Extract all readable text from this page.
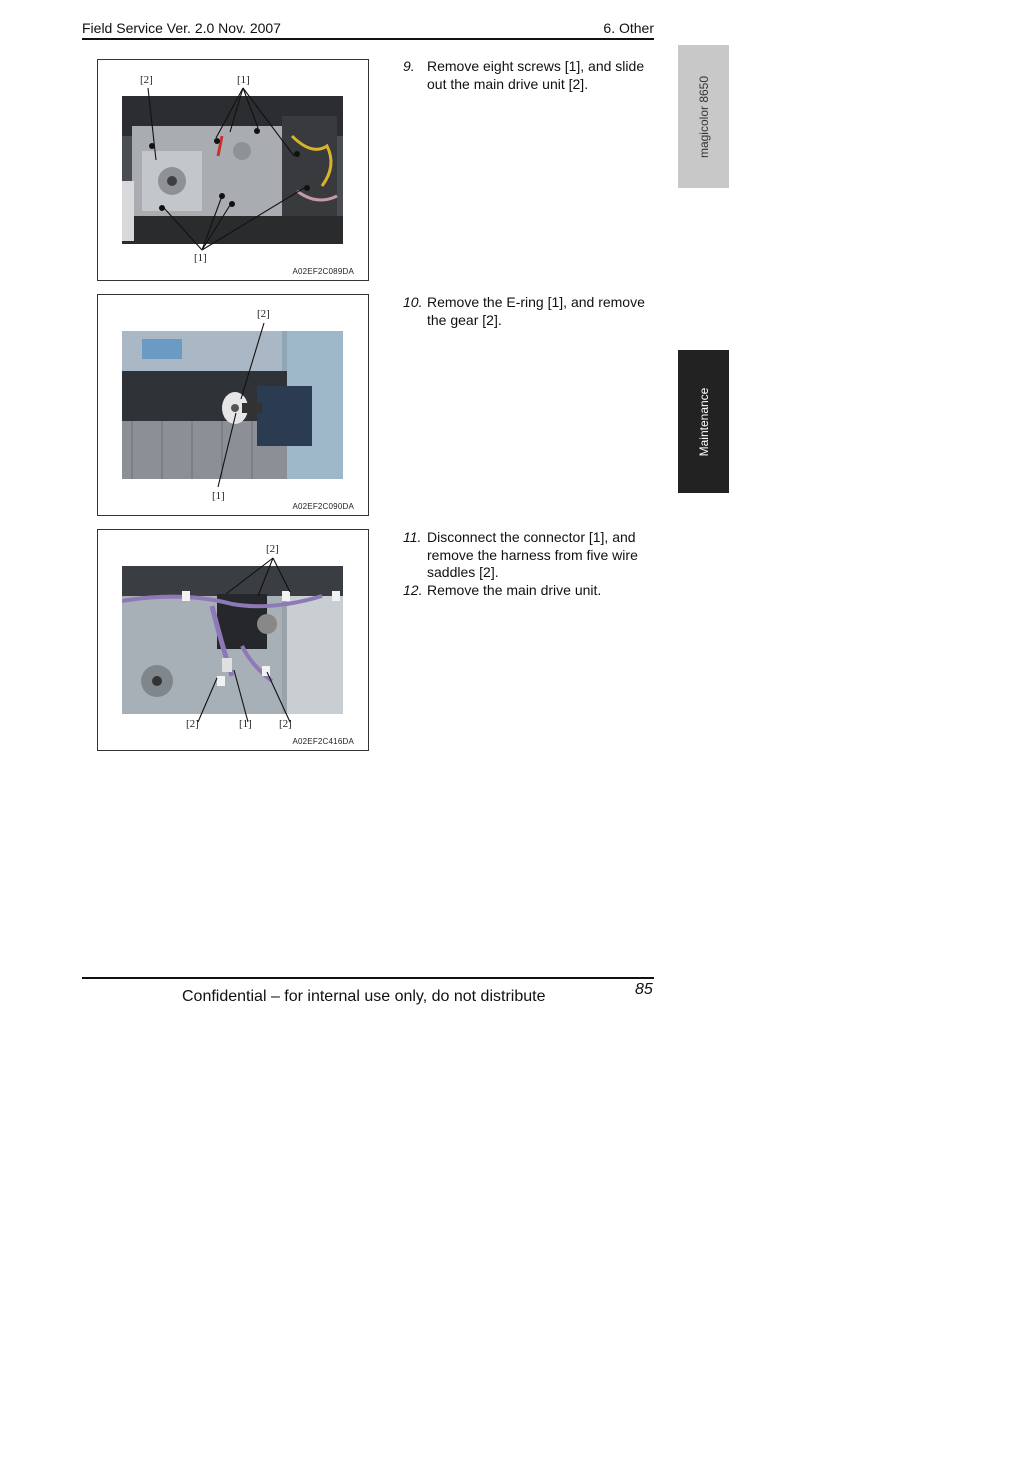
Field Service Ver. 2.0 Nov. 2007	6. Other
magicolor 8650
Maintenance
[2]	[1]
[1]
A02EF2C089DA
[2]
[1]
A02EF2C090DA
[2]
[2]	[1] [2]
A02EF2C416DA

9. Remove eight screws [1], and slide out the main drive unit [2].

10. Remove the E-ring [1], and remove the gear [2].

11. Disconnect the connector [1], and remove the harness from five wire saddles [2].

12. Remove the main drive unit.

Confidential – for internal use only, do not distribute	85
